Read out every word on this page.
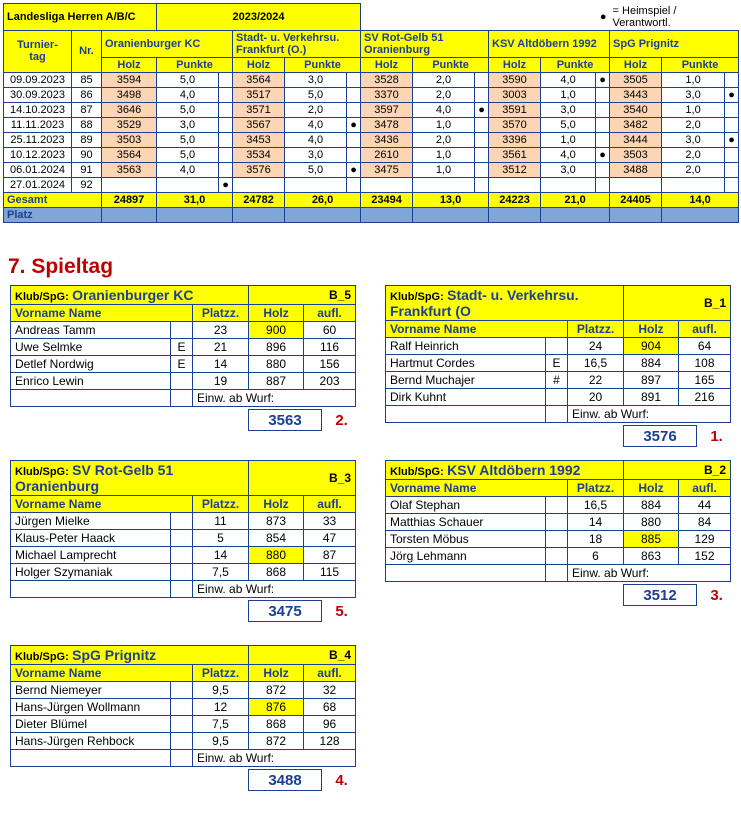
Landesliga Herren A/B/C			2023/2024										●	= Heimspiel / Verantwortl.		
Turnier-
tag	Nr.	Oranienburger KC			Stadt- u. Verkehrsu. Frankfurt (O.)			SV Rot-Gelb 51 Oranienburg			KSV Altdöbern 1992			SpG Prignitz		
		Holz	Punkte		Holz	Punkte		Holz	Punkte		Holz	Punkte		Holz	Punkte	
09.09.2023	85	3594	5,0		3564	3,0		3528	2,0		3590	4,0	●	3505	1,0	
30.09.2023	86	3498	4,0		3517	5,0		3370	2,0		3003	1,0		3443	3,0	●
14.10.2023	87	3646	5,0		3571	2,0		3597	4,0	●	3591	3,0		3540	1,0	
11.11.2023	88	3529	3,0		3567	4,0	●	3478	1,0		3570	5,0		3482	2,0	
25.11.2023	89	3503	5,0		3453	4,0		3436	2,0		3396	1,0		3444	3,0	●
10.12.2023	90	3564	5,0		3534	3,0		2610	1,0		3561	4,0	●	3503	2,0	
06.01.2024	91	3563	4,0		3576	5,0	●	3475	1,0		3512	3,0		3488	2,0	
27.01.2024	92			●												
Gesamt		24897	31,0		24782	26,0		23494	13,0		24223	21,0		24405	14,0	
Platz																
7. Spieltag
Klub/SpG: Oranienburger KC			B_5	
Vorname Name		Platzz.	Holz	aufl.
Andreas Tamm		23	900	60
Uwe Selmke	E	21	896	116
Detlef Nordwig	E	14	880	156
Enrico Lewin		19	887	203
		Einw. ab Wurf:		
3563 2.
Klub/SpG: Stadt- u. Verkehrsu. Frankfurt (O			B_1	
Vorname Name		Platzz.	Holz	aufl.
Ralf Heinrich		24	904	64
Hartmut Cordes	E	16,5	884	108
Bernd Muchajer	#	22	897	165
Dirk Kuhnt		20	891	216
		Einw. ab Wurf:		
3576 1.
Klub/SpG: SV Rot-Gelb 51 Oranienburg			B_3	
Vorname Name		Platzz.	Holz	aufl.
Jürgen Mielke		11	873	33
Klaus-Peter Haack		5	854	47
Michael Lamprecht		14	880	87
Holger Szymaniak		7,5	868	115
		Einw. ab Wurf:		
3475 5.
Klub/SpG: KSV Altdöbern 1992			B_2	
Vorname Name		Platzz.	Holz	aufl.
Olaf Stephan		16,5	884	44
Matthias Schauer		14	880	84
Torsten Möbus		18	885	129
Jörg Lehmann		6	863	152
		Einw. ab Wurf:		
3512 3.
Klub/SpG: SpG Prignitz			B_4	
Vorname Name		Platzz.	Holz	aufl.
Bernd Niemeyer		9,5	872	32
Hans-Jürgen Wollmann		12	876	68
Dieter Blümel		7,5	868	96
Hans-Jürgen Rehbock		9,5	872	128
		Einw. ab Wurf:		
3488 4.
